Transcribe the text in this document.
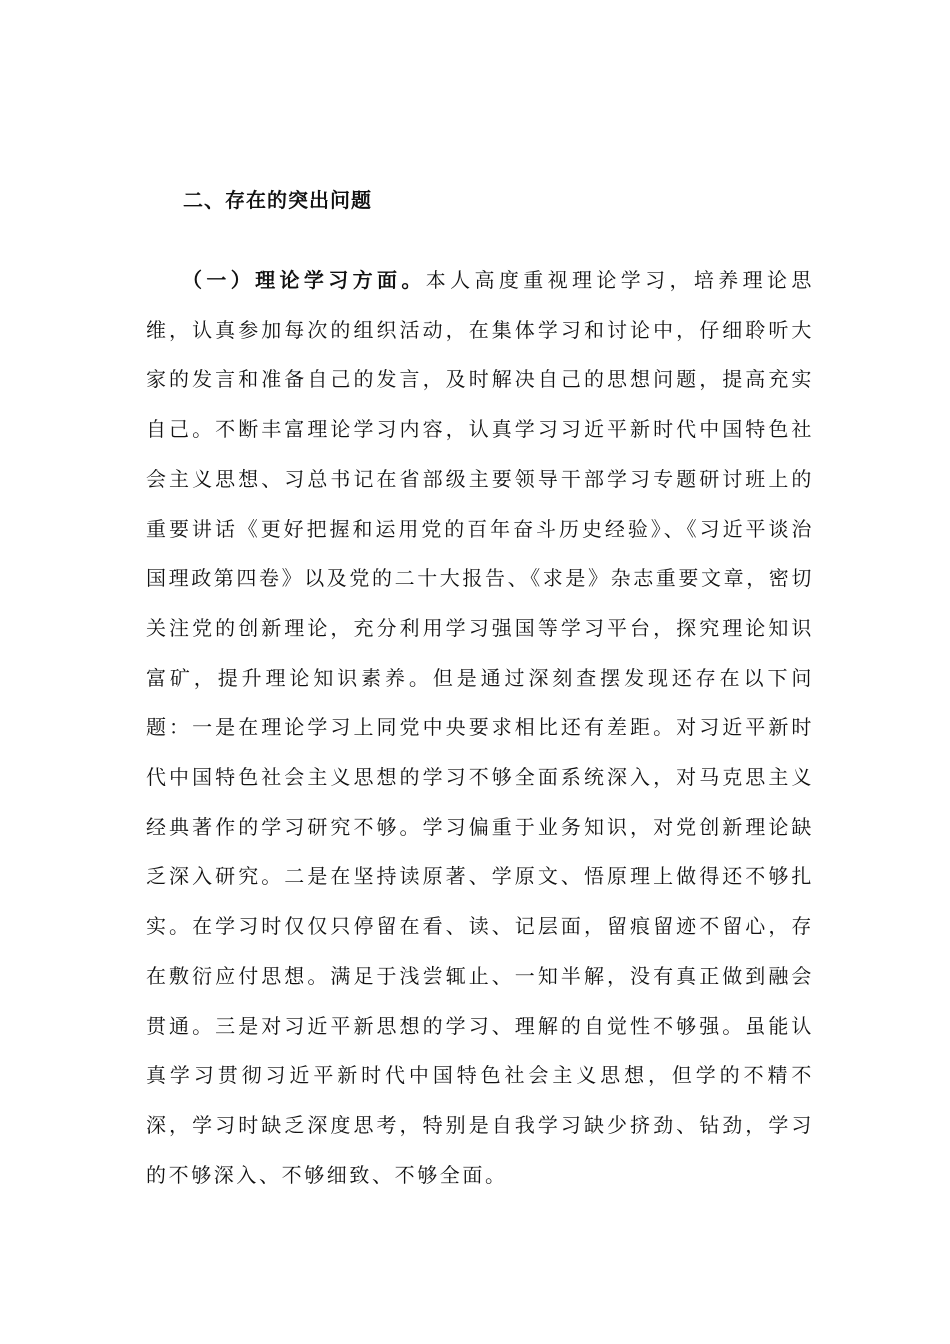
二、存在的突出问题

（一）理论学习方面。本人高度重视理论学习，培养理论思维，认真参加每次的组织活动，在集体学习和讨论中，仔细聆听大家的发言和准备自己的发言，及时解决自己的思想问题，提高充实自己。不断丰富理论学习内容，认真学习习近平新时代中国特色社会主义思想、习总书记在省部级主要领导干部学习专题研讨班上的重要讲话《更好把握和运用党的百年奋斗历史经验》、《习近平谈治国理政第四卷》以及党的二十大报告、《求是》杂志重要文章，密切关注党的创新理论，充分利用学习强国等学习平台，探究理论知识富矿，提升理论知识素养。但是通过深刻查摆发现还存在以下问题：一是在理论学习上同党中央要求相比还有差距。对习近平新时代中国特色社会主义思想的学习不够全面系统深入，对马克思主义经典著作的学习研究不够。学习偏重于业务知识，对党创新理论缺乏深入研究。二是在坚持读原著、学原文、悟原理上做得还不够扎实。在学习时仅仅只停留在看、读、记层面，留痕留迹不留心，存在敷衍应付思想。满足于浅尝辄止、一知半解，没有真正做到融会贯通。三是对习近平新思想的学习、理解的自觉性不够强。虽能认真学习贯彻习近平新时代中国特色社会主义思想，但学的不精不深，学习时缺乏深度思考，特别是自我学习缺少挤劲、钻劲，学习的不够深入、不够细致、不够全面。
